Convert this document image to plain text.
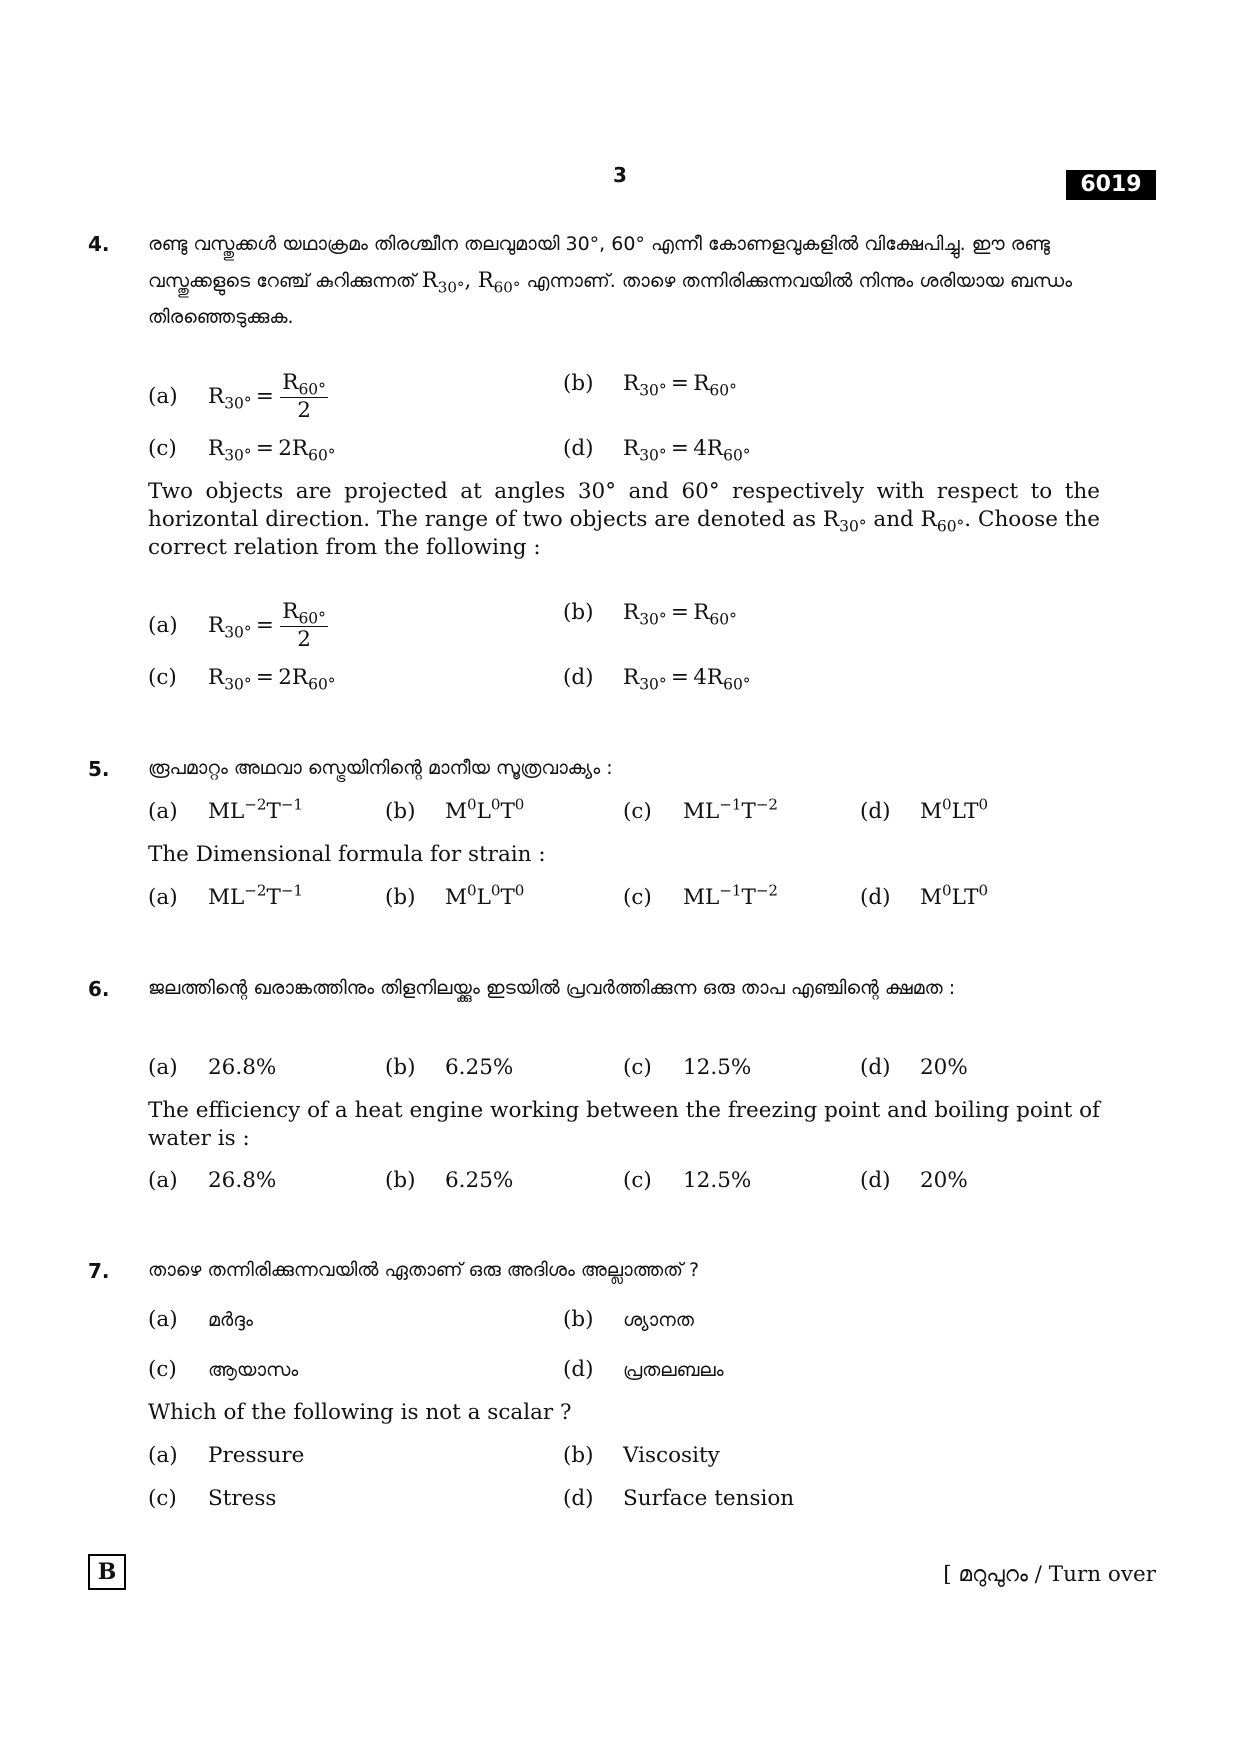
3	6019
4. രണ്ടു വസ്തുക്കൾ യഥാക്രമം തിരശ്ചീന തലവുമായി 30°, 60° എന്നീ കോണളവുകളിൽ വിക്ഷേപിച്ചു. ഈ രണ്ടു വസ്തുക്കളുടെ റേഞ്ച് കുറിക്കുന്നത് $R_{30^\circ}$, $R_{60^\circ}$ എന്നാണ്. താഴെ തന്നിരിക്കുന്നവയിൽ നിന്നും ശരിയായ ബന്ധം തിരഞ്ഞെടുക്കുക.
(a) $R_{30^\circ} = \frac{R_{60^\circ}}{2}$	(b) $R_{30^\circ} = R_{60^\circ}$
(c) $R_{30^\circ} = 2R_{60^\circ}$	(d) $R_{30^\circ} = 4R_{60^\circ}$
Two objects are projected at angles 30° and 60° respectively with respect to the horizontal direction. The range of two objects are denoted as $R_{30^\circ}$ and $R_{60^\circ}$. Choose the correct relation from the following :
(a) $R_{30^\circ} = \frac{R_{60^\circ}}{2}$	(b) $R_{30^\circ} = R_{60^\circ}$
(c) $R_{30^\circ} = 2R_{60^\circ}$	(d) $R_{30^\circ} = 4R_{60^\circ}$
5. രൂപമാറ്റം അഥവാ സ്ട്രെയിനിന്റെ മാനീയ സൂത്രവാക്യം :
(a) $ML^{-2}T^{-1}$	(b) $M^0L^0T^0$	(c) $ML^{-1}T^{-2}$	(d) $M^0LT^0$
The Dimensional formula for strain :
(a) $ML^{-2}T^{-1}$	(b) $M^0L^0T^0$	(c) $ML^{-1}T^{-2}$	(d) $M^0LT^0$
6. ജലത്തിന്റെ ഖരാങ്കത്തിനും തിളനിലയ്ക്കും ഇടയിൽ പ്രവർത്തിക്കുന്ന ഒരു താപ എഞ്ചിന്റെ ക്ഷമത :
(a) 26.8%	(b) 6.25%	(c) 12.5%	(d) 20%
The efficiency of a heat engine working between the freezing point and boiling point of water is :
(a) 26.8%	(b) 6.25%	(c) 12.5%	(d) 20%
7. താഴെ തന്നിരിക്കുന്നവയിൽ ഏതാണ് ഒരു അദിശം അല്ലാത്തത് ?
(a) മർദ്ദം	(b) ശ്യാനത
(c) ആയാസം	(d) പ്രതലബലം
Which of the following is not a scalar ?
(a) Pressure	(b) Viscosity
(c) Stress	(d) Surface tension
B	[ മറുപുറം / Turn over
